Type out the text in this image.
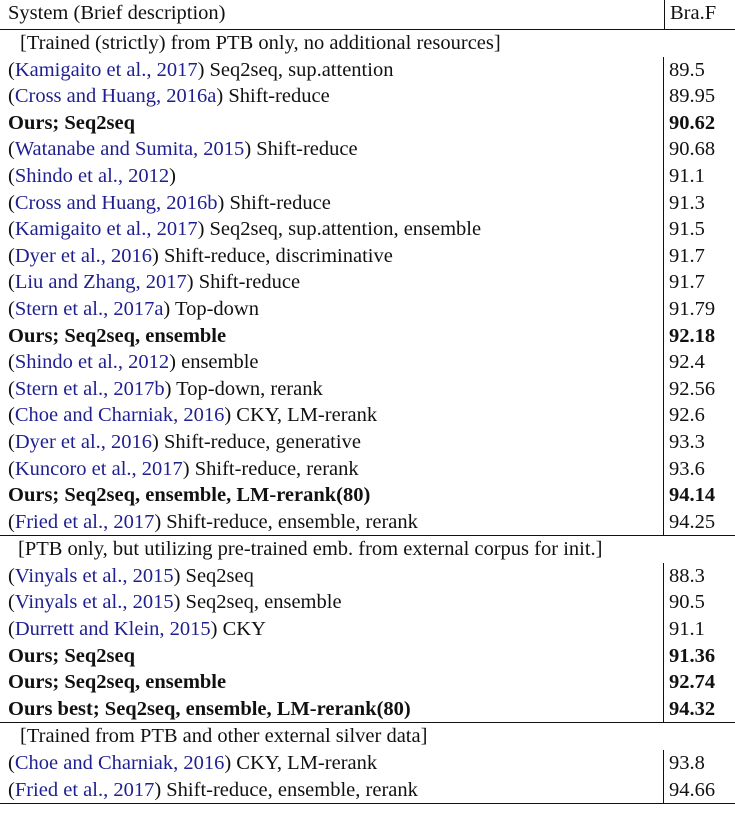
System (Brief description)	Bra.F
[Trained (strictly) from PTB only, no additional resources]
(Kamigaito et al., 2017) Seq2seq, sup.attention	89.5
(Cross and Huang, 2016a) Shift-reduce	89.95
Ours; Seq2seq	90.62
(Watanabe and Sumita, 2015) Shift-reduce	90.68
(Shindo et al., 2012)	91.1
(Cross and Huang, 2016b) Shift-reduce	91.3
(Kamigaito et al., 2017) Seq2seq, sup.attention, ensemble	91.5
(Dyer et al., 2016) Shift-reduce, discriminative	91.7
(Liu and Zhang, 2017) Shift-reduce	91.7
(Stern et al., 2017a) Top-down	91.79
Ours; Seq2seq, ensemble	92.18
(Shindo et al., 2012) ensemble	92.4
(Stern et al., 2017b) Top-down, rerank	92.56
(Choe and Charniak, 2016) CKY, LM-rerank	92.6
(Dyer et al., 2016) Shift-reduce, generative	93.3
(Kuncoro et al., 2017) Shift-reduce, rerank	93.6
Ours; Seq2seq, ensemble, LM-rerank(80)	94.14
(Fried et al., 2017) Shift-reduce, ensemble, rerank	94.25
[PTB only, but utilizing pre-trained emb. from external corpus for init.]
(Vinyals et al., 2015) Seq2seq	88.3
(Vinyals et al., 2015) Seq2seq, ensemble	90.5
(Durrett and Klein, 2015) CKY	91.1
Ours; Seq2seq	91.36
Ours; Seq2seq, ensemble	92.74
Ours best; Seq2seq, ensemble, LM-rerank(80)	94.32
[Trained from PTB and other external silver data]
(Choe and Charniak, 2016) CKY, LM-rerank	93.8
(Fried et al., 2017) Shift-reduce, ensemble, rerank	94.66
